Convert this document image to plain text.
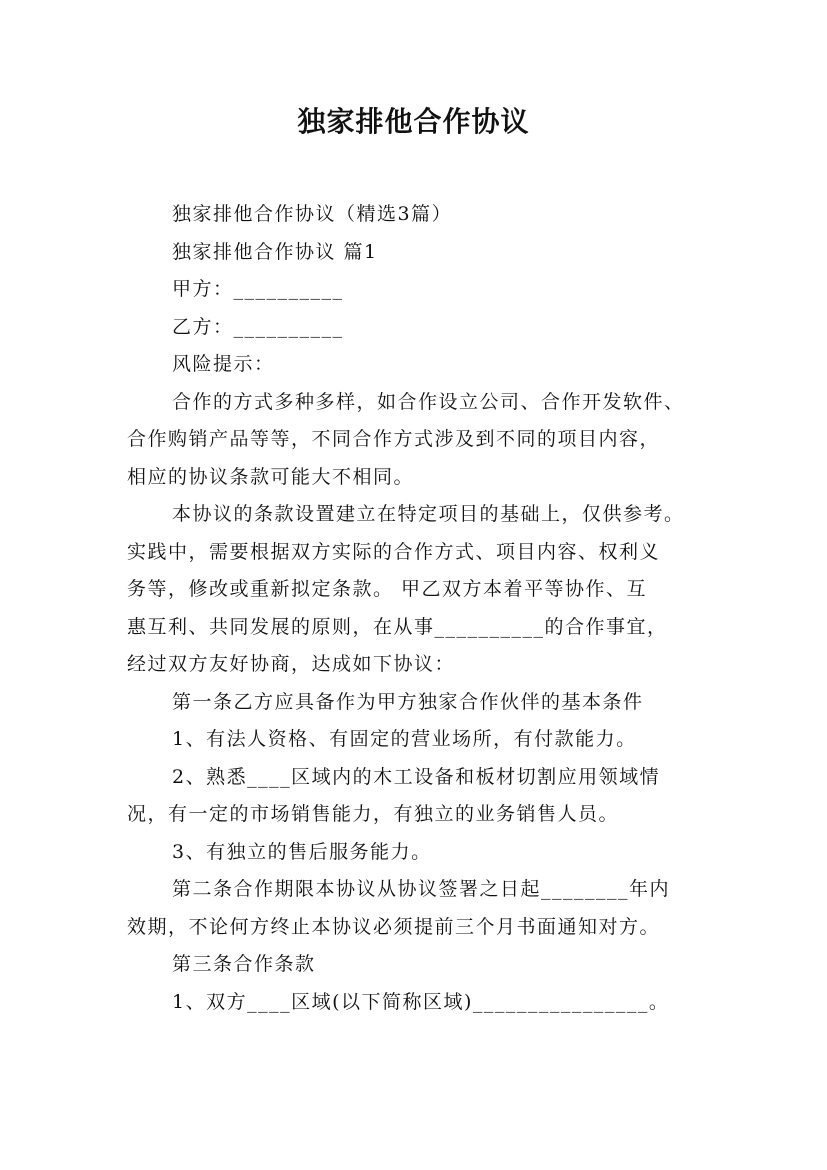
独家排他合作协议

独家排他合作协议（精选3篇）

独家排他合作协议 篇1

甲方：__________

乙方：__________

风险提示：

合作的方式多种多样，如合作设立公司、合作开发软件、

合作购销产品等等，不同合作方式涉及到不同的项目内容，

相应的协议条款可能大不相同。

本协议的条款设置建立在特定项目的基础上，仅供参考。

实践中，需要根据双方实际的合作方式、项目内容、权利义

务等，修改或重新拟定条款。 甲乙双方本着平等协作、互

惠互利、共同发展的原则，在从事__________的合作事宜，

经过双方友好协商，达成如下协议：

第一条乙方应具备作为甲方独家合作伙伴的基本条件

1、有法人资格、有固定的营业场所，有付款能力。

2、熟悉____区域内的木工设备和板材切割应用领域情

况，有一定的市场销售能力，有独立的业务销售人员。

3、有独立的售后服务能力。

第二条合作期限本协议从协议签署之日起________年内

效期，不论何方终止本协议必须提前三个月书面通知对方。

第三条合作条款

1、双方____区域(以下简称区域)________________。
